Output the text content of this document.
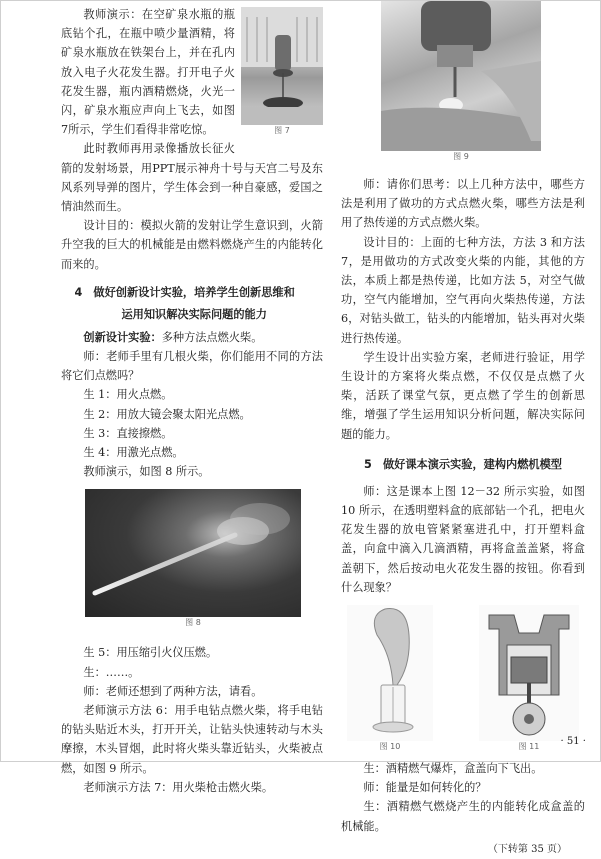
图 7

教师演示：在空矿泉水瓶的瓶底钻个孔，在瓶中喷少量酒精，将矿泉水瓶放在铁架台上，并在孔内放入电子火花发生器。打开电子火花发生器，瓶内酒精燃烧，火光一闪，矿泉水瓶应声向上飞去，如图7所示，学生们看得非常吃惊。

此时教师再用录像播放长征火箭的发射场景，用PPT展示神舟十号与天宫二号及东风系列导弹的图片，学生体会到一种自豪感，爱国之情油然而生。

设计目的：模拟火箭的发射让学生意识到，火箭升空我的巨大的机械能是由燃料燃烧产生的内能转化而来的。

4　做好创新设计实验，培养学生创新思维和
运用知识解决实际问题的能力

创新设计实验：多种方法点燃火柴。

师：老师手里有几根火柴，你们能用不同的方法将它们点燃吗？

生 1：用火点燃。

生 2：用放大镜会聚太阳光点燃。

生 3：直接擦燃。

生 4：用激光点燃。

教师演示，如图 8 所示。

图 8

生 5：用压缩引火仪压燃。

生：……。

师：老师还想到了两种方法，请看。

老师演示方法 6：用手电钻点燃火柴，将手电钻的钻头贴近木头，打开开关，让钻头快速转动与木头摩擦，木头冒烟，此时将火柴头靠近钻头，火柴被点燃，如图 9 所示。

老师演示方法 7：用火柴枪击燃火柴。

图 9

师：请你们思考：以上几种方法中，哪些方法是利用了做功的方式点燃火柴，哪些方法是利用了热传递的方式点燃火柴。

设计目的：上面的七种方法，方法 3 和方法 7，是用做功的方式改变火柴的内能，其他的方法，本质上都是热传递，比如方法 5，对空气做功，空气内能增加，空气再向火柴热传递，方法 6，对钻头做工，钻头的内能增加，钻头再对火柴进行热传递。

学生设计出实验方案，老师进行验证，用学生设计的方案将火柴点燃，不仅仅是点燃了火柴，活跃了课堂气氛，更点燃了学生的创新思维，增强了学生运用知识分析问题，解决实际问题的能力。

5　做好课本演示实验，建构内燃机模型

师：这是课本上图 12－32 所示实验，如图 10 所示，在透明塑料盒的底部钻一个孔，把电火花发生器的放电管紧紧塞进孔中，打开塑料盒盖，向盒中滴入几滴酒精，再将盒盖盖紧，将盒盖朝下，然后按动电火花发生器的按钮。你看到什么现象？

图 10	图 11

生：酒精燃气爆炸，盒盖向下飞出。

师：能量是如何转化的？

生：酒精燃气燃烧产生的内能转化成盒盖的机械能。

（下转第 35 页）
· 51 ·
